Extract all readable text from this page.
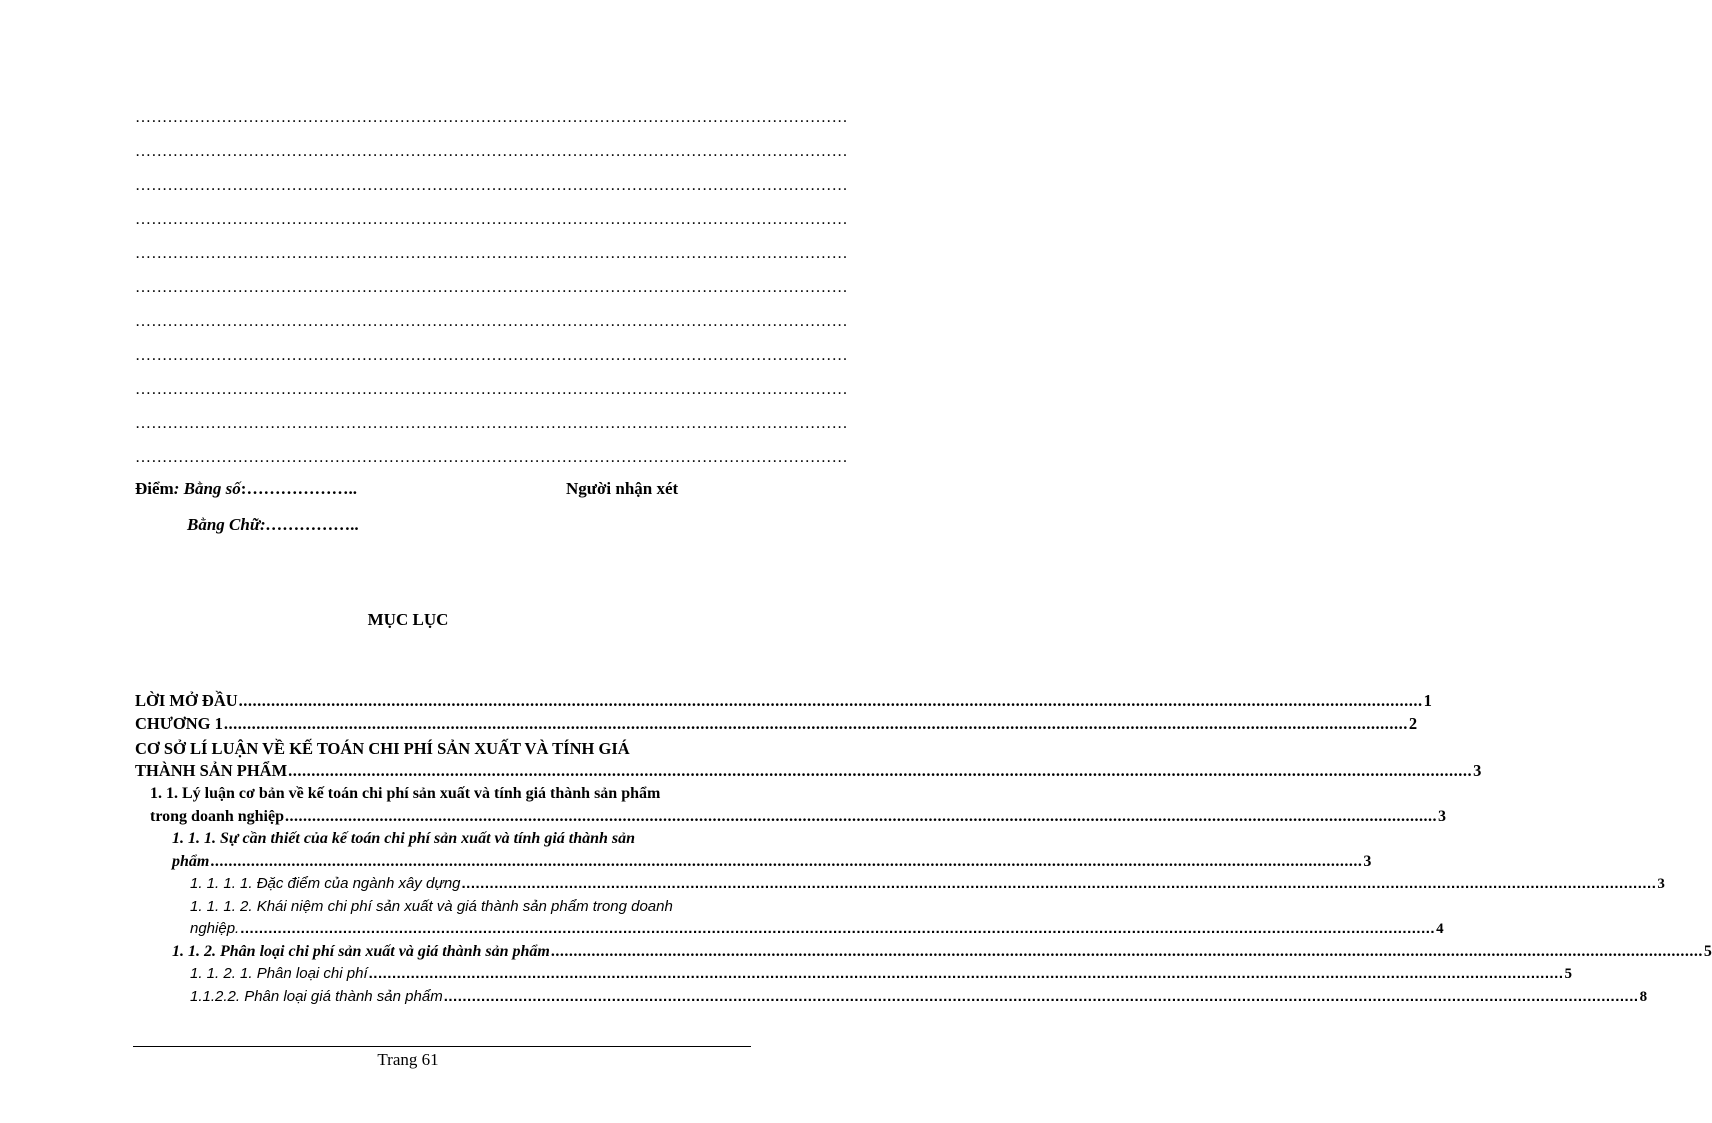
……………………………………………………………………………………………………………………
……………………………………………………………………………………………………………………
……………………………………………………………………………………………………………………
……………………………………………………………………………………………………………………
……………………………………………………………………………………………………………………
……………………………………………………………………………………………………………………
……………………………………………………………………………………………………………………
……………………………………………………………………………………………………………………
……………………………………………………………………………………………………………………
……………………………………………………………………………………………………………………
……………………………………………………………………………………………………………………
Điểm: Bằng số:………………..	Người nhận xét
Bằng Chữ:……………..
MỤC LỤC
LỜI MỞ ĐẦU .....	1
CHƯƠNG 1 .....	2
CƠ SỞ LÍ LUẬN VỀ KẾ TOÁN CHI PHÍ SẢN XUẤT VÀ TÍNH GIÁ
THÀNH SẢN PHẨM .....	3
1. 1. Lý luận cơ bản về kế toán chi phí sản xuất và tính giá thành sản phẩm
trong doanh nghiệp .....	3
1. 1. 1. Sự cần thiết của kế toán chi phí sản xuất và tính giá thành sản
phẩm .....	3
1. 1. 1. 1. Đặc điểm của ngành xây dựng .....	3
1. 1. 1. 2. Khái niệm chi phí sản xuất và giá thành sản phẩm trong doanh
nghiệp. .....	4
1. 1. 2. Phân loại chi phí sản xuất và giá thành sản phẩm .....	5
1. 1. 2. 1. Phân loại chi phí .....	5
1.1.2.2. Phân loại giá thành sản phẩm .....	8
Trang 61
